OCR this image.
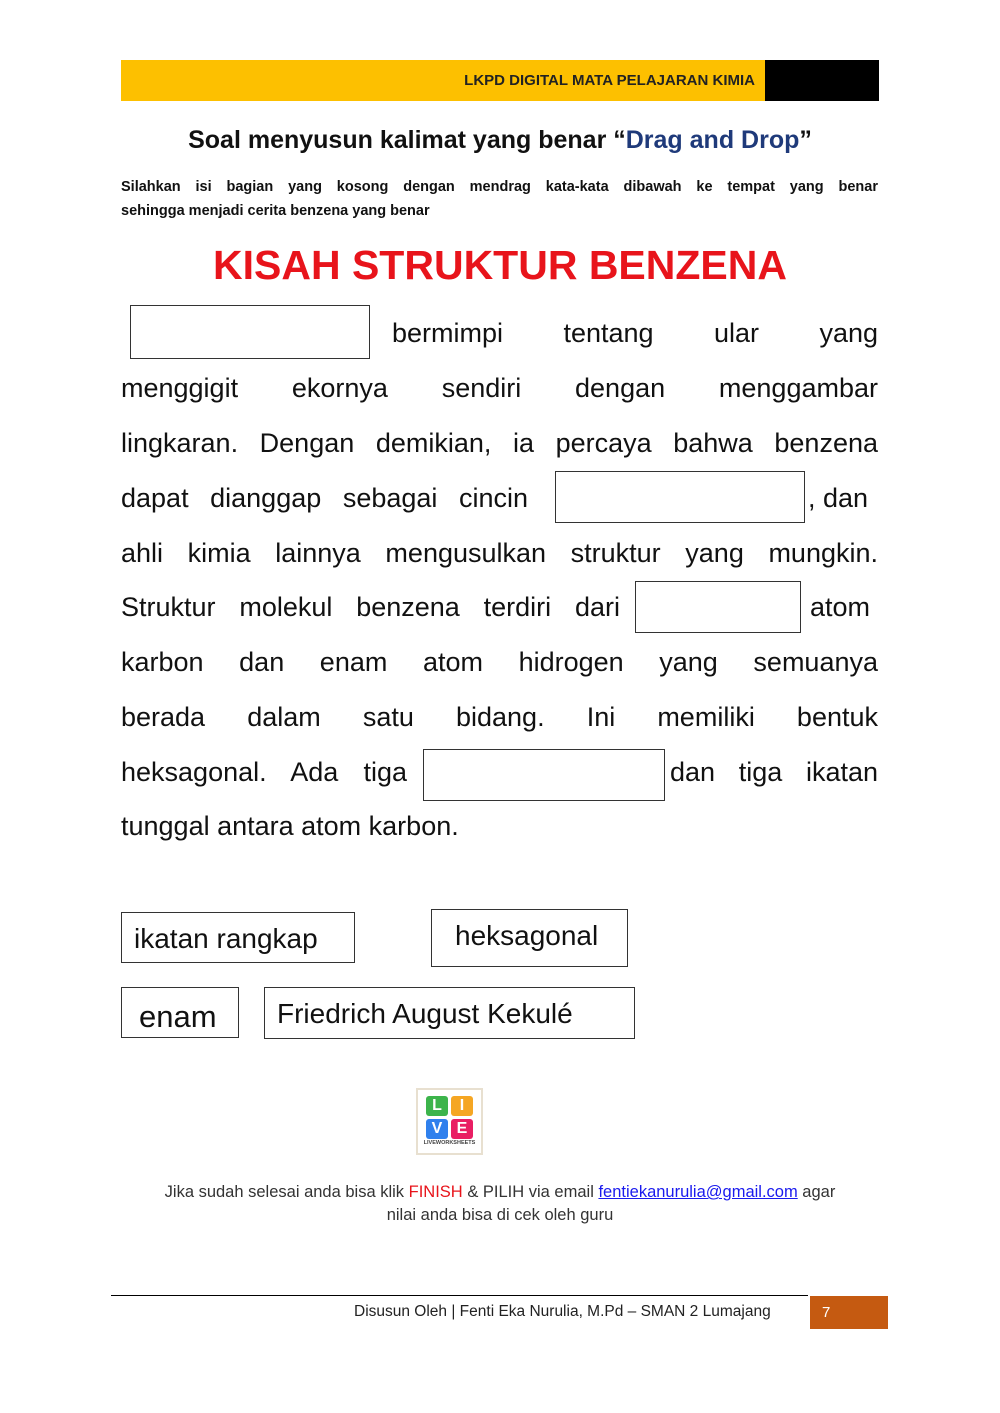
LKPD DIGITAL MATA PELAJARAN KIMIA
Soal menyusun kalimat yang benar “Drag and Drop”
Silahkan isi bagian yang kosong dengan mendrag kata-kata dibawah ke tempat yang benar
sehingga menjadi cerita benzena yang benar
KISAH STRUKTUR BENZENA
bermimpi tentang ular yang
menggigit ekornya sendiri dengan menggambar
lingkaran. Dengan demikian, ia percaya bahwa benzena
dapat dianggap sebagai cincin	, dan
ahli kimia lainnya mengusulkan struktur yang mungkin.
Struktur molekul benzena terdiri dari	atom
karbon dan enam atom hidrogen yang semuanya
berada dalam satu bidang. Ini memiliki bentuk
heksagonal. Ada tiga	dan tiga ikatan
tunggal antara atom karbon.
ikatan rangkap	heksagonal
enam	Friedrich August Kekulé
L	I
V E
LIVEWORKSHEETS
Jika sudah selesai anda bisa klik FINISH & PILIH via email fentiekanurulia@gmail.com agar
nilai anda bisa di cek oleh guru
Disusun Oleh | Fenti Eka Nurulia, M.Pd – SMAN 2 Lumajang	7
